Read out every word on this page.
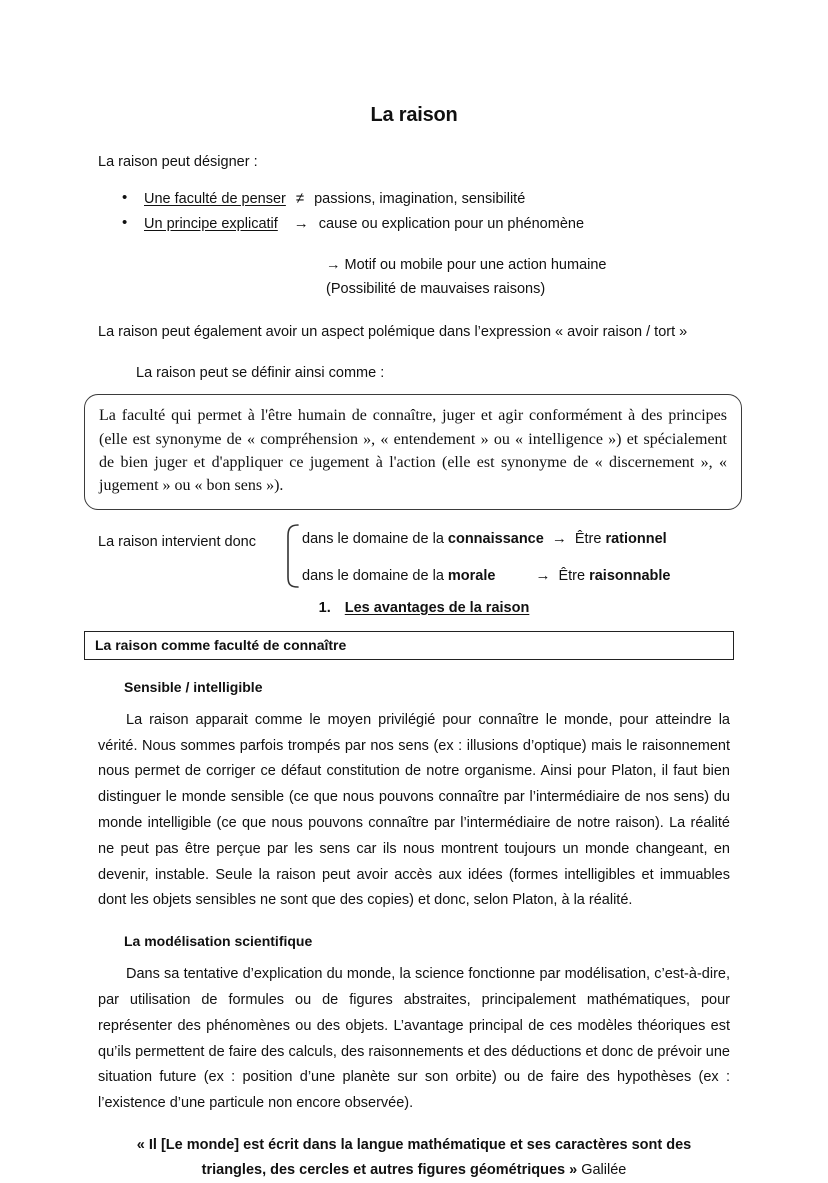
La raison

La raison peut désigner :

• Une faculté de penser ≠ passions, imagination, sensibilité
• Un principe explicatif → cause ou explication pour un phénomène

→ Motif ou mobile pour une action humaine

(Possibilité de mauvaises raisons)

La raison peut également avoir un aspect polémique dans l’expression « avoir raison / tort »

La raison peut se définir ainsi comme :

La faculté qui permet à l'être humain de connaître, juger et agir conformément à des principes (elle est synonyme de « compréhension », « entendement » ou « intelligence ») et spécialement de bien juger et d'appliquer ce jugement à l'action (elle est synonyme de « discernement », « jugement » ou « bon sens »).

La raison intervient donc	dans le domaine de la connaissance → Être rationnel
dans le domaine de la morale	→ Être raisonnable
1. Les avantages de la raison
La raison comme faculté de connaître
Sensible / intelligible

La raison apparait comme le moyen privilégié pour connaître le monde, pour atteindre la vérité. Nous sommes parfois trompés par nos sens (ex : illusions d’optique) mais le raisonnement nous permet de corriger ce défaut constitution de notre organisme. Ainsi pour Platon, il faut bien distinguer le monde sensible (ce que nous pouvons connaître par l’intermédiaire de nos sens) du monde intelligible (ce que nous pouvons connaître par l’intermédiaire de notre raison). La réalité ne peut pas être perçue par les sens car ils nous montrent toujours un monde changeant, en devenir, instable. Seule la raison peut avoir accès aux idées (formes intelligibles et immuables dont les objets sensibles ne sont que des copies) et donc, selon Platon, à la réalité.

La modélisation scientifique

Dans sa tentative d’explication du monde, la science fonctionne par modélisation, c’est-à-dire, par utilisation de formules ou de figures abstraites, principalement mathématiques, pour représenter des phénomènes ou des objets. L’avantage principal de ces modèles théoriques est qu’ils permettent de faire des calculs, des raisonnements et des déductions et donc de prévoir une situation future (ex : position d’une planète sur son orbite) ou de faire des hypothèses (ex : l’existence d’une particule non encore observée).

« Il [Le monde] est écrit dans la langue mathématique et ses caractères sont des triangles, des cercles et autres figures géométriques » Galilée
